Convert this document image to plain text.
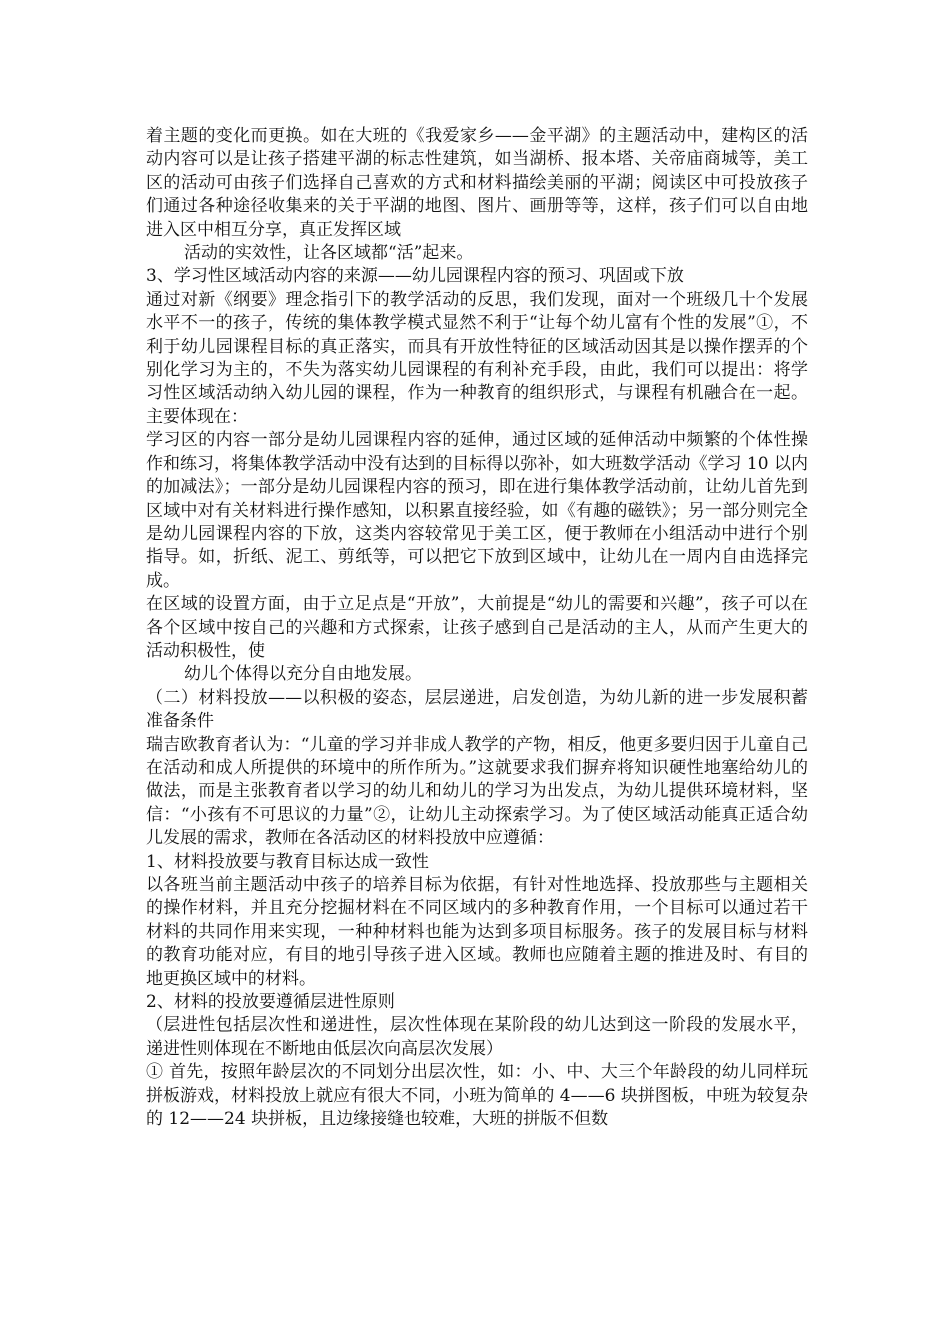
着主题的变化而更换。如在大班的《我爱家乡——金平湖》的主题活动中，建构区的活动内容可以是让孩子搭建平湖的标志性建筑，如当湖桥、报本塔、关帝庙商城等，美工区的活动可由孩子们选择自己喜欢的方式和材料描绘美丽的平湖；阅读区中可投放孩子们通过各种途径收集来的关于平湖的地图、图片、画册等等，这样，孩子们可以自由地进入区中相互分享，真正发挥区域

活动的实效性，让各区域都“活”起来。

3、学习性区域活动内容的来源——幼儿园课程内容的预习、巩固或下放

通过对新《纲要》理念指引下的教学活动的反思，我们发现，面对一个班级几十个发展水平不一的孩子，传统的集体教学模式显然不利于“让每个幼儿富有个性的发展”①，不利于幼儿园课程目标的真正落实，而具有开放性特征的区域活动因其是以操作摆弄的个别化学习为主的，不失为落实幼儿园课程的有利补充手段，由此，我们可以提出：将学习性区域活动纳入幼儿园的课程，作为一种教育的组织形式，与课程有机融合在一起。主要体现在：

学习区的内容一部分是幼儿园课程内容的延伸，通过区域的延伸活动中频繁的个体性操作和练习，将集体教学活动中没有达到的目标得以弥补，如大班数学活动《学习 10 以内的加减法》；一部分是幼儿园课程内容的预习，即在进行集体教学活动前，让幼儿首先到区域中对有关材料进行操作感知，以积累直接经验，如《有趣的磁铁》；另一部分则完全是幼儿园课程内容的下放，这类内容较常见于美工区，便于教师在小组活动中进行个别指导。如，折纸、泥工、剪纸等，可以把它下放到区域中，让幼儿在一周内自由选择完成。

在区域的设置方面，由于立足点是“开放”，大前提是“幼儿的需要和兴趣”，孩子可以在各个区域中按自己的兴趣和方式探索，让孩子感到自己是活动的主人，从而产生更大的活动积极性，使

幼儿个体得以充分自由地发展。

（二）材料投放——以积极的姿态，层层递进，启发创造，为幼儿新的进一步发展积蓄准备条件

瑞吉欧教育者认为：“儿童的学习并非成人教学的产物，相反，他更多要归因于儿童自己在活动和成人所提供的环境中的所作所为。”这就要求我们摒弃将知识硬性地塞给幼儿的做法，而是主张教育者以学习的幼儿和幼儿的学习为出发点，为幼儿提供环境材料，坚信：“小孩有不可思议的力量”②，让幼儿主动探索学习。为了使区域活动能真正适合幼儿发展的需求，教师在各活动区的材料投放中应遵循：

1、材料投放要与教育目标达成一致性

以各班当前主题活动中孩子的培养目标为依据，有针对性地选择、投放那些与主题相关的操作材料，并且充分挖掘材料在不同区域内的多种教育作用，一个目标可以通过若干材料的共同作用来实现，一种种材料也能为达到多项目标服务。孩子的发展目标与材料的教育功能对应，有目的地引导孩子进入区域。教师也应随着主题的推进及时、有目的地更换区域中的材料。

2、材料的投放要遵循层进性原则

（层进性包括层次性和递进性，层次性体现在某阶段的幼儿达到这一阶段的发展水平，递进性则体现在不断地由低层次向高层次发展）

① 首先，按照年龄层次的不同划分出层次性，如：小、中、大三个年龄段的幼儿同样玩拼板游戏，材料投放上就应有很大不同，小班为简单的 4——6 块拼图板，中班为较复杂的 12——24 块拼板，且边缘接缝也较难，大班的拼版不但数
